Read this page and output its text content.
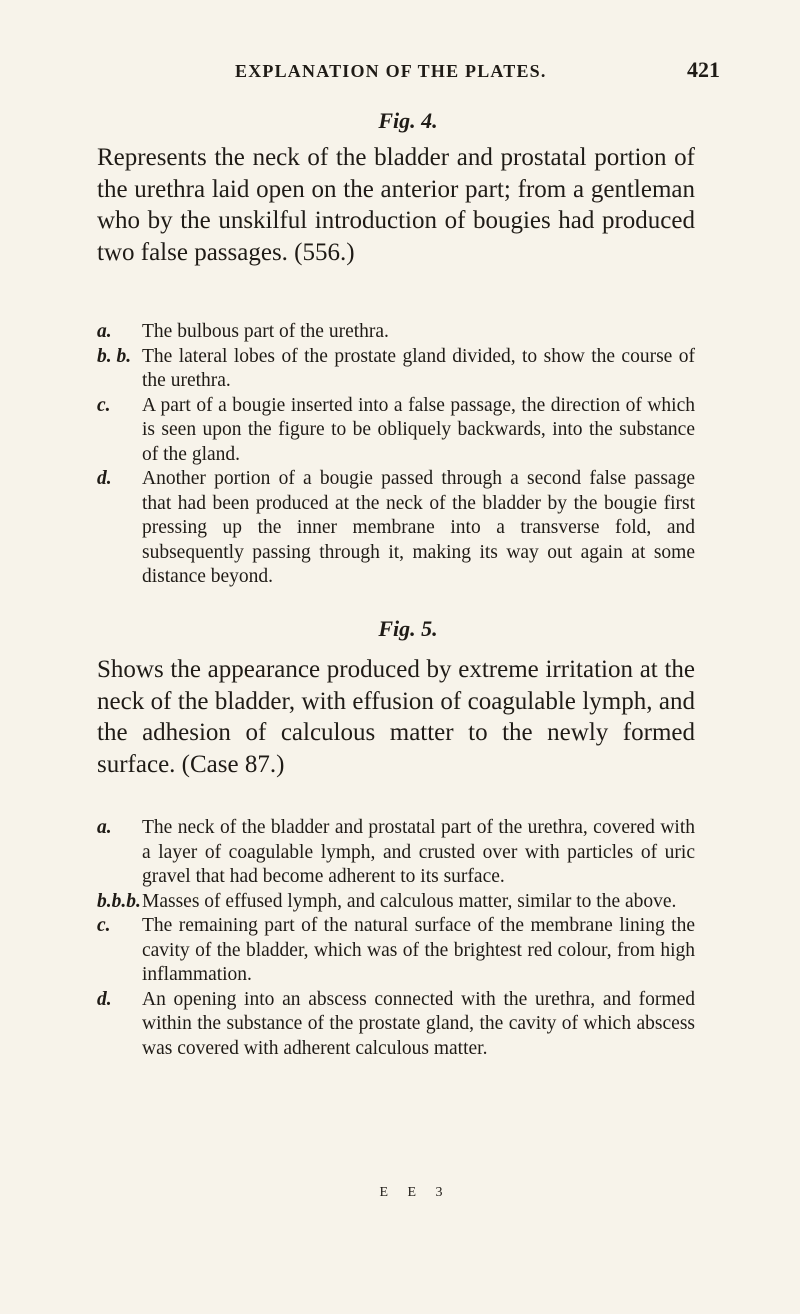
EXPLANATION OF THE PLATES.	421
Fig. 4.

Represents the neck of the bladder and prostatal portion of the urethra laid open on the anterior part; from a gentleman who by the unskilful introduction of bougies had produced two false passages. (556.)

a. The bulbous part of the urethra.

b. b. The lateral lobes of the prostate gland divided, to show the course of the urethra.

c. A part of a bougie inserted into a false passage, the direction of which is seen upon the figure to be obliquely backwards, into the substance of the gland.

d. Another portion of a bougie passed through a second false passage that had been produced at the neck of the bladder by the bougie first pressing up the inner membrane into a transverse fold, and subsequently passing through it, making its way out again at some distance beyond.

Fig. 5.

Shows the appearance produced by extreme irritation at the neck of the bladder, with effusion of coagulable lymph, and the adhesion of calculous matter to the newly formed surface. (Case 87.)

a. The neck of the bladder and prostatal part of the urethra, covered with a layer of coagulable lymph, and crusted over with particles of uric gravel that had become adherent to its surface.

b.b.b. Masses of effused lymph, and calculous matter, similar to the above.

c. The remaining part of the natural surface of the membrane lining the cavity of the bladder, which was of the brightest red colour, from high inflammation.

d. An opening into an abscess connected with the urethra, and formed within the substance of the prostate gland, the cavity of which abscess was covered with adherent calculous matter.

E E 3
